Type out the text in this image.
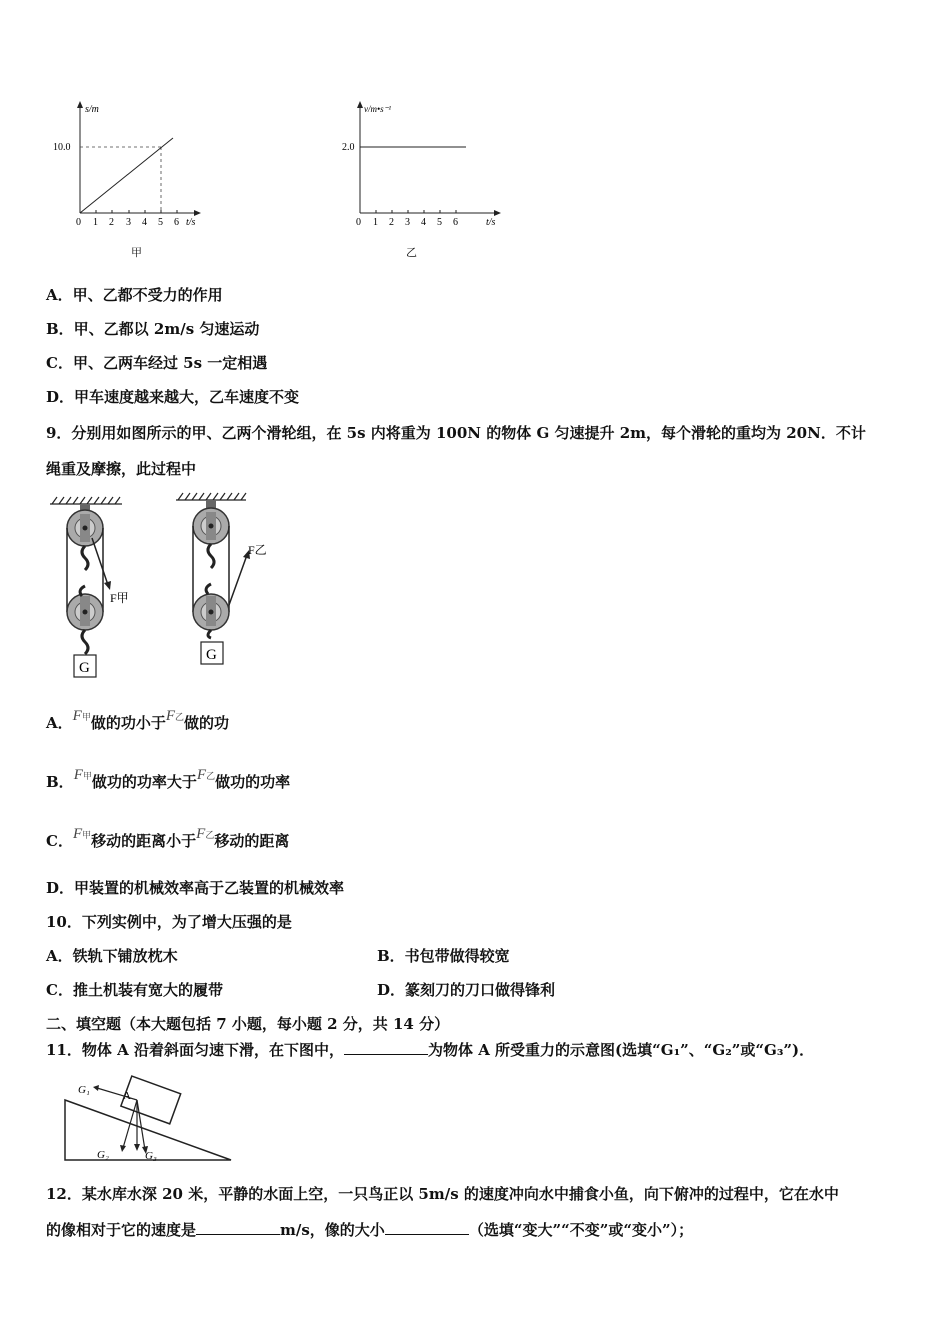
s/m
10.0
0 1 2 3 4 5 6 t/s
甲
v/m•s⁻¹
2.0
0 1 2 3 4 5 6	t/s
乙
A．甲、乙都不受力的作用
B．甲、乙都以 2m/s 匀速运动
C．甲、乙两车经过 5s 一定相遇
D．甲车速度越来越大，乙车速度不变
9．分别用如图所示的甲、乙两个滑轮组，在 5s 内将重为 100N 的物体 G 匀速提升 2m，每个滑轮的重均为 20N．不计
绳重及摩擦，此过程中
G
F甲
G
F乙
A．F甲做的功小于F乙做的功
B．F甲做功的功率大于F乙做功的功率
C．F甲移动的距离小于F乙移动的距离
D．甲装置的机械效率高于乙装置的机械效率
10．下列实例中，为了增大压强的是
A．铁轨下铺放枕木	B．书包带做得较宽
C．推土机装有宽大的履带	D．篆刻刀的刀口做得锋利
二、填空题（本大题包括 7 小题，每小题 2 分，共 14 分）
11．物体 A 沿着斜面匀速下滑，在下图中，	为物体 A 所受重力的示意图(选填“G₁”、“G₂”或“G₃”)．
A
G₁
G₂	G₃
12．某水库水深 20 米，平静的水面上空，一只鸟正以 5m/s 的速度冲向水中捕食小鱼，向下俯冲的过程中，它在水中
的像相对于它的速度是	m/s，像的大小	（选填“变大”“不变”或“变小”）；
